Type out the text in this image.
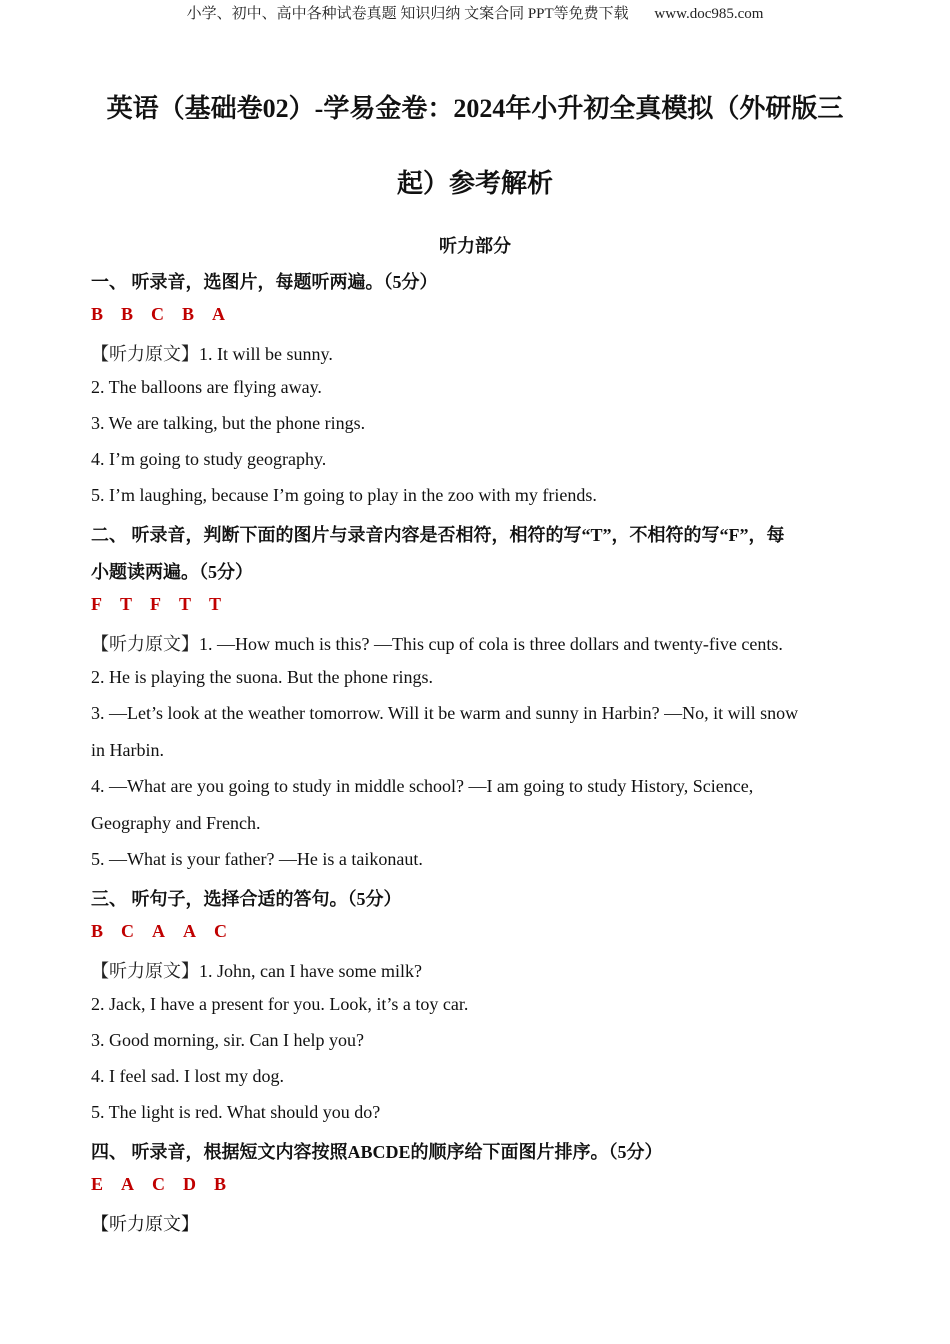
小学、初中、高中各种试卷真题 知识归纳 文案合同 PPT等免费下载 www.doc985.com
英语（基础卷02）-学易金卷：2024年小升初全真模拟（外研版三
起）参考解析
听力部分
一、 听录音，选图片，每题听两遍。（5分）
B B C B A
【听力原文】1. It will be sunny.
2. The balloons are flying away.
3. We are talking, but the phone rings.
4. I’m going to study geography.
5. I’m laughing, because I’m going to play in the zoo with my friends.
二、 听录音，判断下面的图片与录音内容是否相符，相符的写“T”，不相符的写“F”，每
小题读两遍。（5分）
F T F T T
【听力原文】1. —How much is this? —This cup of cola is three dollars and twenty-five cents.
2. He is playing the suona. But the phone rings.
3. —Let’s look at the weather tomorrow. Will it be warm and sunny in Harbin? —No, it will snow
in Harbin.
4. —What are you going to study in middle school? —I am going to study History, Science,
Geography and French.
5. —What is your father? —He is a taikonaut.
三、 听句子，选择合适的答句。（5分）
B C A A C
【听力原文】1. John, can I have some milk?
2. Jack, I have a present for you. Look, it’s a toy car.
3. Good morning, sir. Can I help you?
4. I feel sad. I lost my dog.
5. The light is red. What should you do?
四、 听录音，根据短文内容按照ABCDE的顺序给下面图片排序。（5分）
E A C D B
【听力原文】
